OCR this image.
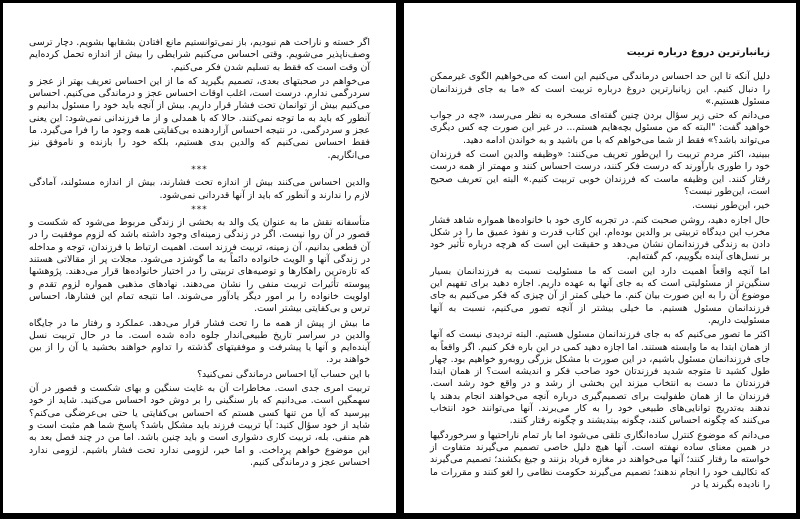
اگر خسته و ناراحت هم نبودیم، باز نمی‌توانستیم مانع افتادن بشقابها بشویم. دچار ترسی وصف‌ناپذیر می‌شویم. وقتی احساس می‌کنیم شرایطی را بیش از اندازه تحمل کرده‌ایم آن وقت است که فقط به تسلیم شدن فکر می‌کنیم.

می‌خواهم در صحبتهای بعدی، تصمیم بگیرید که ما از این احساس تعریف بهتر از عجز و سردرگمی ندارم. درست است، اغلب اوقات احساس عجز و درماندگی می‌کنیم. احساس می‌کنیم بیش از توانمان تحت فشار قرار داریم. بیش از آنچه باید خود را مسئول بدانیم و آنطور که باید به ما توجه نمی‌کنند. حالا که با همدلی و از ما فرزندانی نمی‌شود: این یعنی عجز و سردرگمی. در نتیجه احساس آزاردهنده بی‌کفایتی همه وجود ما را فرا می‌گیرد. ما فقط احساس نمی‌کنیم که والدین بدی هستیم، بلکه خود را بازنده و ناموفق نیز می‌انگاریم.

***

والدین احساس می‌کنند بیش از اندازه تحت فشارند، بیش از اندازه مسئولند، آمادگی لازم را ندارند و آنطور که باید از آنها قدردانی نمی‌شود.

***

متأسفانه نقش ما به عنوان یک والد به بخشی از زندگی مربوط می‌شود که شکست و قصور در آن روا نیست. اگر در زندگی زمینه‌ای وجود داشته باشد که لزوم موفقیت را در آن قطعی بدانیم، آن زمینه، تربیت فرزند است. اهمیت ارتباط با فرزندان، توجه و مداخله در زندگی آنها و الویت خانواده دائماً به ما گوشزد می‌شود. مجلات پر از مقالاتی هستند که تازه‌ترین راهکارها و توصیه‌های تربیتی را در اختیار خانواده‌ها قرار می‌دهند. پژوهشها پیوسته تأثیرات تربیت منفی را نشان می‌دهند. نهادهای مذهبی همواره لزوم تقدم و اولویت خانواده را بر امور دیگر یادآور می‌شوند. اما نتیجه تمام این فشارها، احساس ترس و بی‌کفایتی بیشتر است.

ما بیش از پیش از همه ما را تحت فشار قرار می‌دهد. عملکرد و رفتار ما در جایگاه والدین در سراسر تاریخ طبیعی‌اندار جلوه داده شده است. ما در حال تربیت نسل آینده‌ایم و آنها یا پیشرفت و موفقیتهای گذشته را تداوم خواهند بخشید یا آن را از بین خواهند برد.

با این حساب آیا احساس درماندگی نمی‌کنید؟

تربیت امری جدی است. مخاطرات آن به غایت سنگین و بهای شکست و قصور در آن سهمگین است. می‌دانیم که بار سنگینی را بر دوش خود احساس می‌کنید. شاید از خود بپرسید که آیا من تنها کسی هستم که احساس بی‌کفایتی یا حتی بی‌عرضگی می‌کنم؟ شاید از خود سؤال کنید: آیا تربیت فرزند باید مشکل باشد؟ پاسخ شما هم مثبت است و هم منفی. بله، تربیت کاری دشواری است و باید چنین باشد. اما من در چند فصل بعد به این موضوع خواهم پرداخت. و اما خیر، لزومی ندارد تحت فشار باشیم. لزومی ندارد احساس عجز و درماندگی کنیم.

زیانبارترین دروغ درباره تربیت

دلیل آنکه تا این حد احساس درماندگی می‌کنیم این است که می‌خواهیم الگوی غیرممکن را دنبال کنیم. این زیانبارترین دروغ درباره تربیت است که «ما به جای فرزندانمان مسئول هستیم.»

می‌دانم که حتی زیر سؤال بردن چنین گفته‌ای مسخره به نظر می‌رسد، «چه در جواب خواهید گفت: "البته که من مسئول بچه‌هایم هستم... در غیر این صورت چه کس دیگری می‌تواند باشد؟» فقط از شما می‌خواهم که با من باشید و به خواندن ادامه دهید.

ببینید، اکثر مردم تربیت را این‌طور تعریف می‌کنند: «وظیفه والدین است که فرزندان خود را طوری بارآورند که درست فکر کنند، درست احساس کنند و مهمتر از همه درست رفتار کنند. این وظیفه ماست که فرزندان خوبی تربیت کنیم.» البته این تعریف صحیح است، این‌طور نیست؟

خیر، این‌طور نیست.

حال اجازه دهید، روشن صحبت کنم. در تجربه کاری خود با خانواده‌ها همواره شاهد فشار مخرب این دیدگاه تربیتی بر والدین بوده‌ام. این کتاب قدرت و نفوذ عمیق ما را در شکل دادن به زندگی فرزندانمان نشان می‌دهد و حقیقت این است که هرچه درباره تأثیر خود بر نسل‌های آینده بگوییم، کم گفته‌ایم.

اما آنچه واقعاً اهمیت دارد این است که ما مسئولیت نسبت به فرزندانمان بسیار سنگین‌تر از مسئولیتی است که به جای آنها به عهده داریم. اجازه دهید برای تفهیم این موضوع آن را به این صورت بیان کنم. ما خیلی کمتر از آن چیزی که فکر می‌کنیم به جای فرزندانمان مسئول هستیم. ما خیلی بیشتر از آنچه تصور می‌کنیم، نسبت به آنها مسئولیت داریم.

اکثر ما تصور می‌کنیم که به جای فرزندانمان مسئول هستیم. البته تردیدی نیست که آنها از همان ابتدا به ما وابسته هستند. اما اجازه دهید کمی در این باره فکر کنیم. اگر واقعاً به جای فرزندانمان مسئول باشیم، در این صورت با مشکل بزرگی روبه‌رو خواهیم بود. چهار طول کشید تا متوجه شدید فرزندتان خود صاحب فکر و اندیشه است؟ از همان ابتدا فرزندتان ما دست به انتخاب میزند این بخشی از رشد و در واقع خود رشد است. فرزندان ما از همان طفولیت برای تصمیم‌گیری درباره آنچه می‌خواهند انجام بدهند یا ندهند به‌تدریج توانایی‌های طبیعی خود را به کار می‌برند. آنها می‌توانند خود انتخاب می‌کنند که چگونه احساس کنند، چگونه بیندیشند و چگونه رفتار کنند.

می‌دانم که موضوع کنترل ساده‌انگاری تلقی می‌شود اما بار تمام ناراحتیها و سرخوردگیها در همین معنای ساده نهفته است. آنها هیچ دلیل خاصی تصمیم می‌گیرند متفاوت از خواسته ما رفتار کنند؛ آنها می‌خواهند در مغازه فریاد بزنند و جیغ بکشند؛ تصمیم می‌گیرند که تکالیف خود را انجام ندهند؛ تصمیم می‌گیرند حکومت نظامی را لغو کنند و مقررات ما را نادیده بگیرند یا در
